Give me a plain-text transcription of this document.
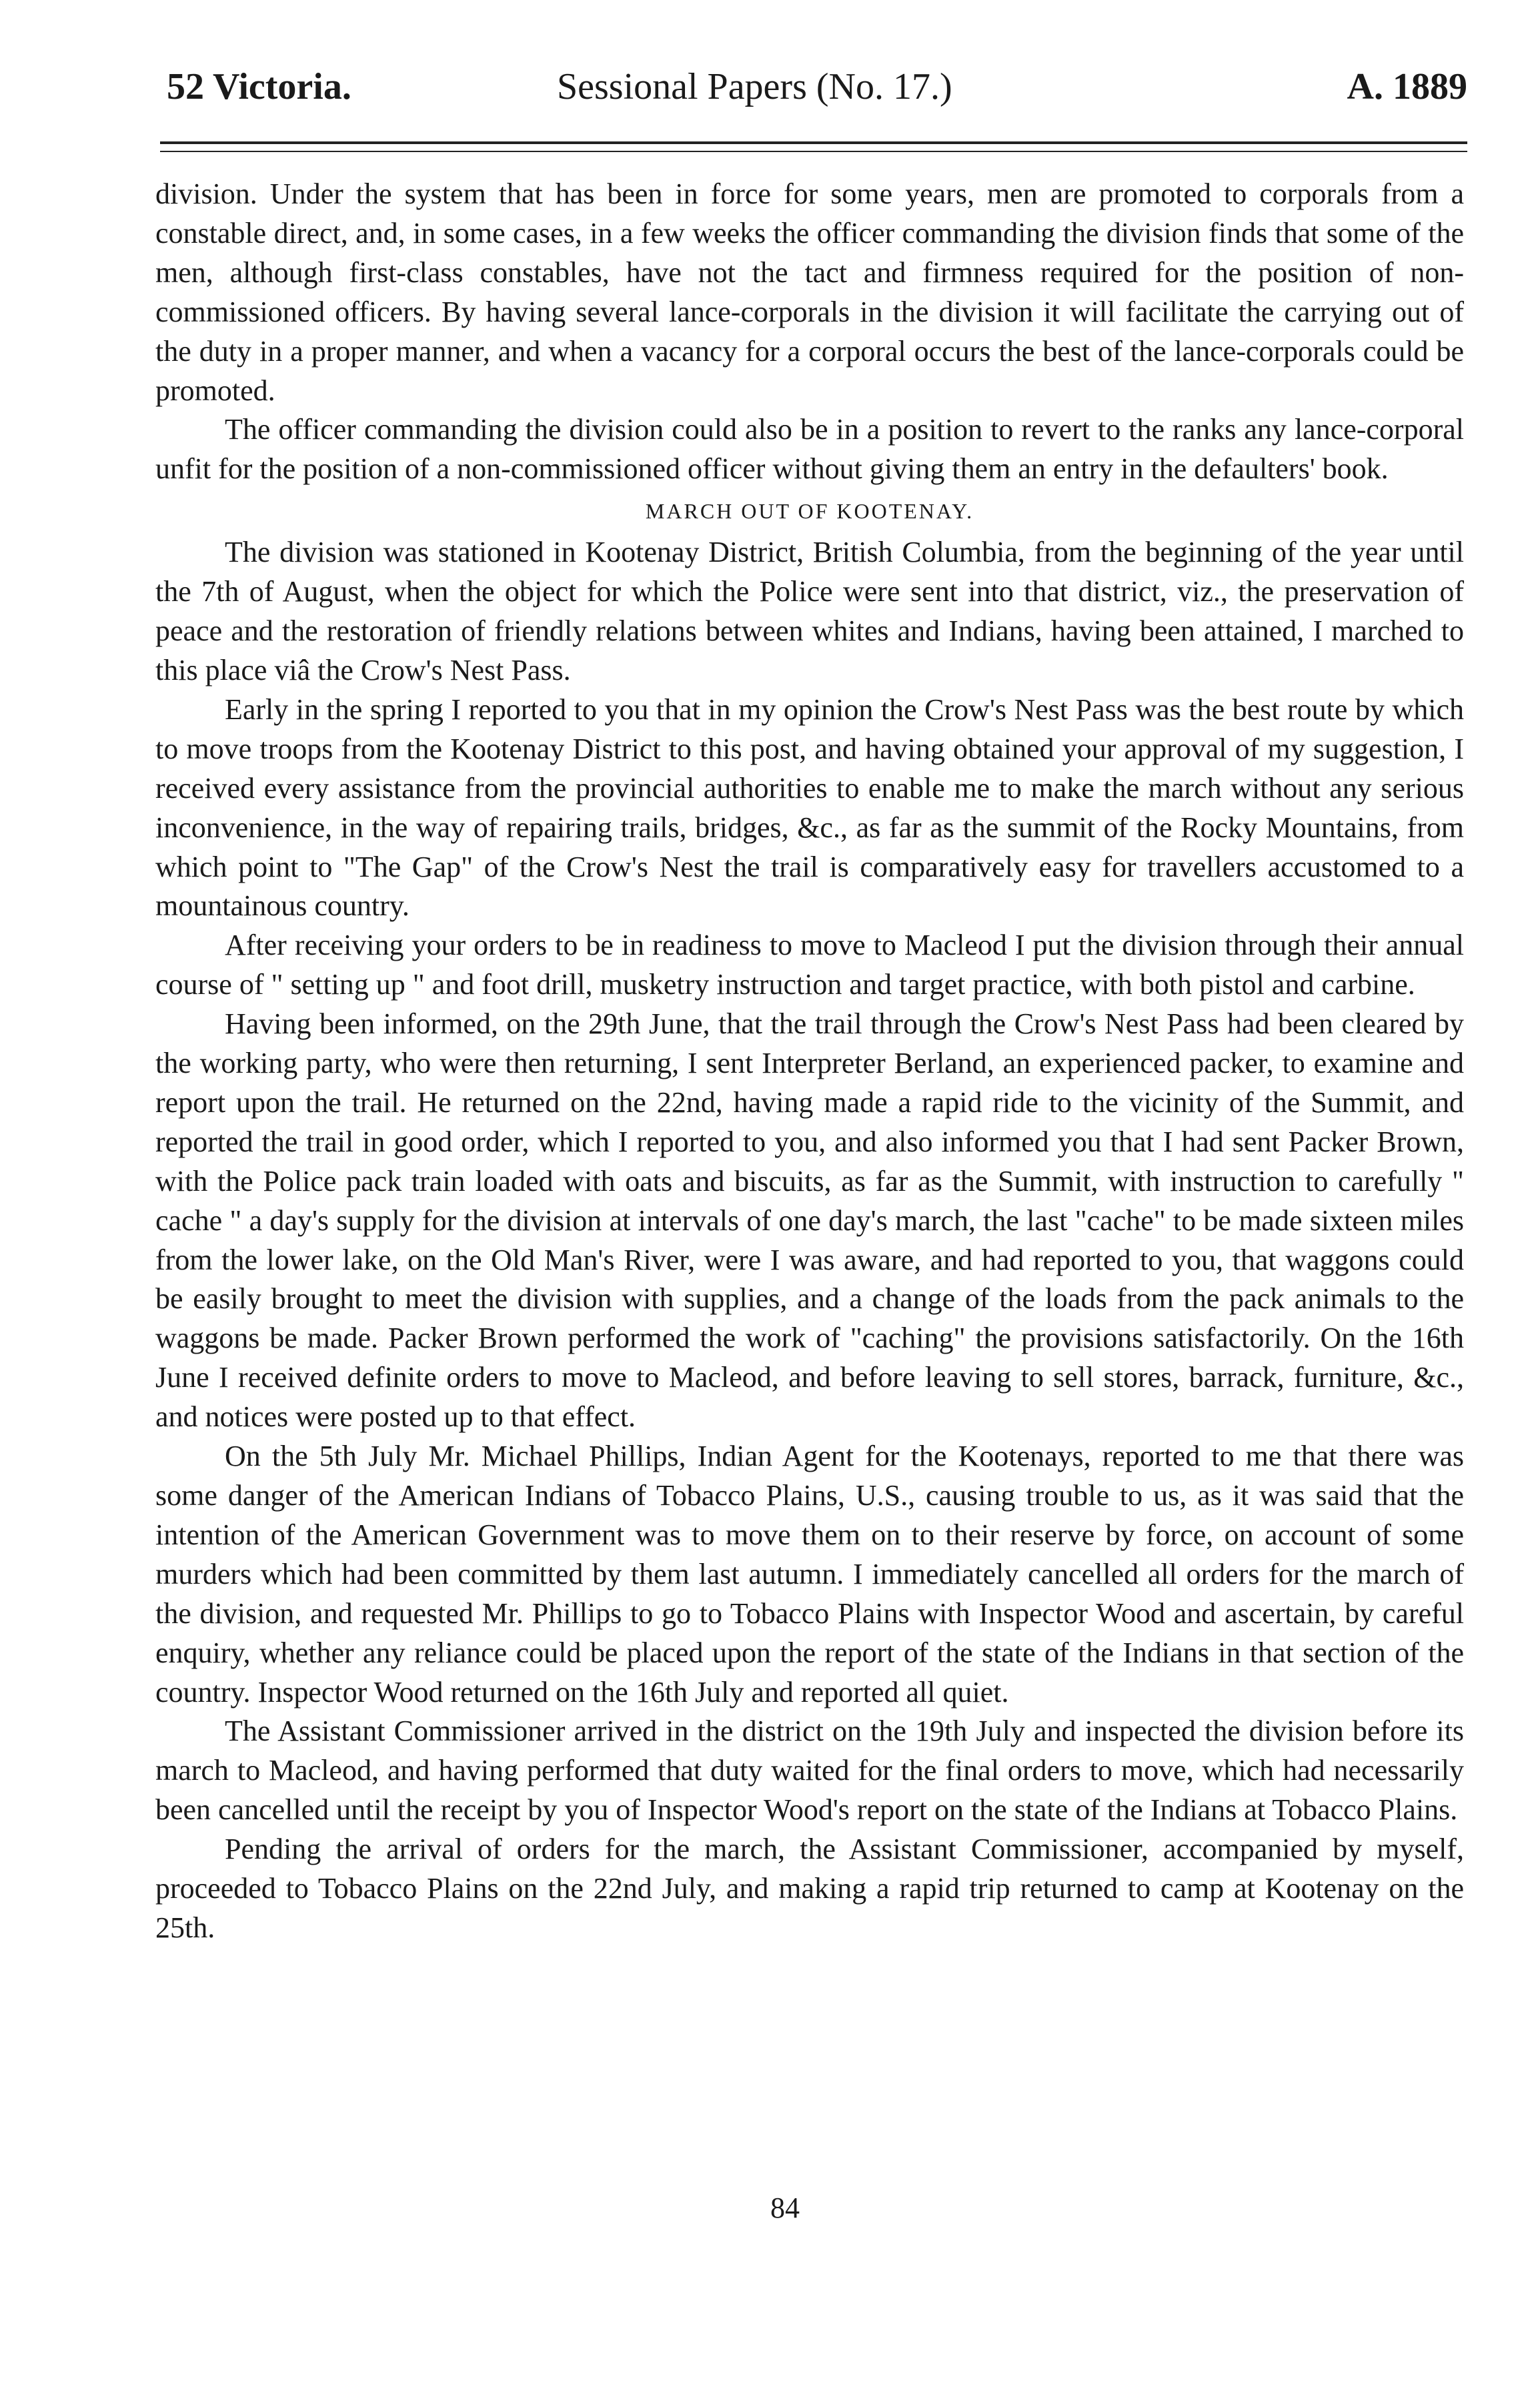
52 Victoria.	Sessional Papers (No. 17.)	A. 1889

division. Under the system that has been in force for some years, men are promoted to corporals from a constable direct, and, in some cases, in a few weeks the officer commanding the division finds that some of the men, although first-class constables, have not the tact and firmness required for the position of non-commissioned officers. By having several lance-corporals in the division it will facilitate the carrying out of the duty in a proper manner, and when a vacancy for a corporal occurs the best of the lance-corporals could be promoted.

The officer commanding the division could also be in a position to revert to the ranks any lance-corporal unfit for the position of a non-commissioned officer without giving them an entry in the defaulters' book.

MARCH OUT OF KOOTENAY.

The division was stationed in Kootenay District, British Columbia, from the beginning of the year until the 7th of August, when the object for which the Police were sent into that district, viz., the preservation of peace and the restoration of friendly relations between whites and Indians, having been attained, I marched to this place viâ the Crow's Nest Pass.

Early in the spring I reported to you that in my opinion the Crow's Nest Pass was the best route by which to move troops from the Kootenay District to this post, and having obtained your approval of my suggestion, I received every assistance from the provincial authorities to enable me to make the march without any serious inconvenience, in the way of repairing trails, bridges, &c., as far as the summit of the Rocky Mountains, from which point to "The Gap" of the Crow's Nest the trail is comparatively easy for travellers accustomed to a mountainous country.

After receiving your orders to be in readiness to move to Macleod I put the division through their annual course of " setting up " and foot drill, musketry instruction and target practice, with both pistol and carbine.

Having been informed, on the 29th June, that the trail through the Crow's Nest Pass had been cleared by the working party, who were then returning, I sent Interpreter Berland, an experienced packer, to examine and report upon the trail. He returned on the 22nd, having made a rapid ride to the vicinity of the Summit, and reported the trail in good order, which I reported to you, and also informed you that I had sent Packer Brown, with the Police pack train loaded with oats and biscuits, as far as the Summit, with instruction to carefully " cache " a day's supply for the division at intervals of one day's march, the last "cache" to be made sixteen miles from the lower lake, on the Old Man's River, were I was aware, and had reported to you, that waggons could be easily brought to meet the division with supplies, and a change of the loads from the pack animals to the waggons be made. Packer Brown performed the work of "caching" the provisions satisfactorily. On the 16th June I received definite orders to move to Macleod, and before leaving to sell stores, barrack, furniture, &c., and notices were posted up to that effect.

On the 5th July Mr. Michael Phillips, Indian Agent for the Kootenays, reported to me that there was some danger of the American Indians of Tobacco Plains, U.S., causing trouble to us, as it was said that the intention of the American Government was to move them on to their reserve by force, on account of some murders which had been committed by them last autumn. I immediately cancelled all orders for the march of the division, and requested Mr. Phillips to go to Tobacco Plains with Inspector Wood and ascertain, by careful enquiry, whether any reliance could be placed upon the report of the state of the Indians in that section of the country. Inspector Wood returned on the 16th July and reported all quiet.

The Assistant Commissioner arrived in the district on the 19th July and inspected the division before its march to Macleod, and having performed that duty waited for the final orders to move, which had necessarily been cancelled until the receipt by you of Inspector Wood's report on the state of the Indians at Tobacco Plains.

Pending the arrival of orders for the march, the Assistant Commissioner, accompanied by myself, proceeded to Tobacco Plains on the 22nd July, and making a rapid trip returned to camp at Kootenay on the 25th.

84
